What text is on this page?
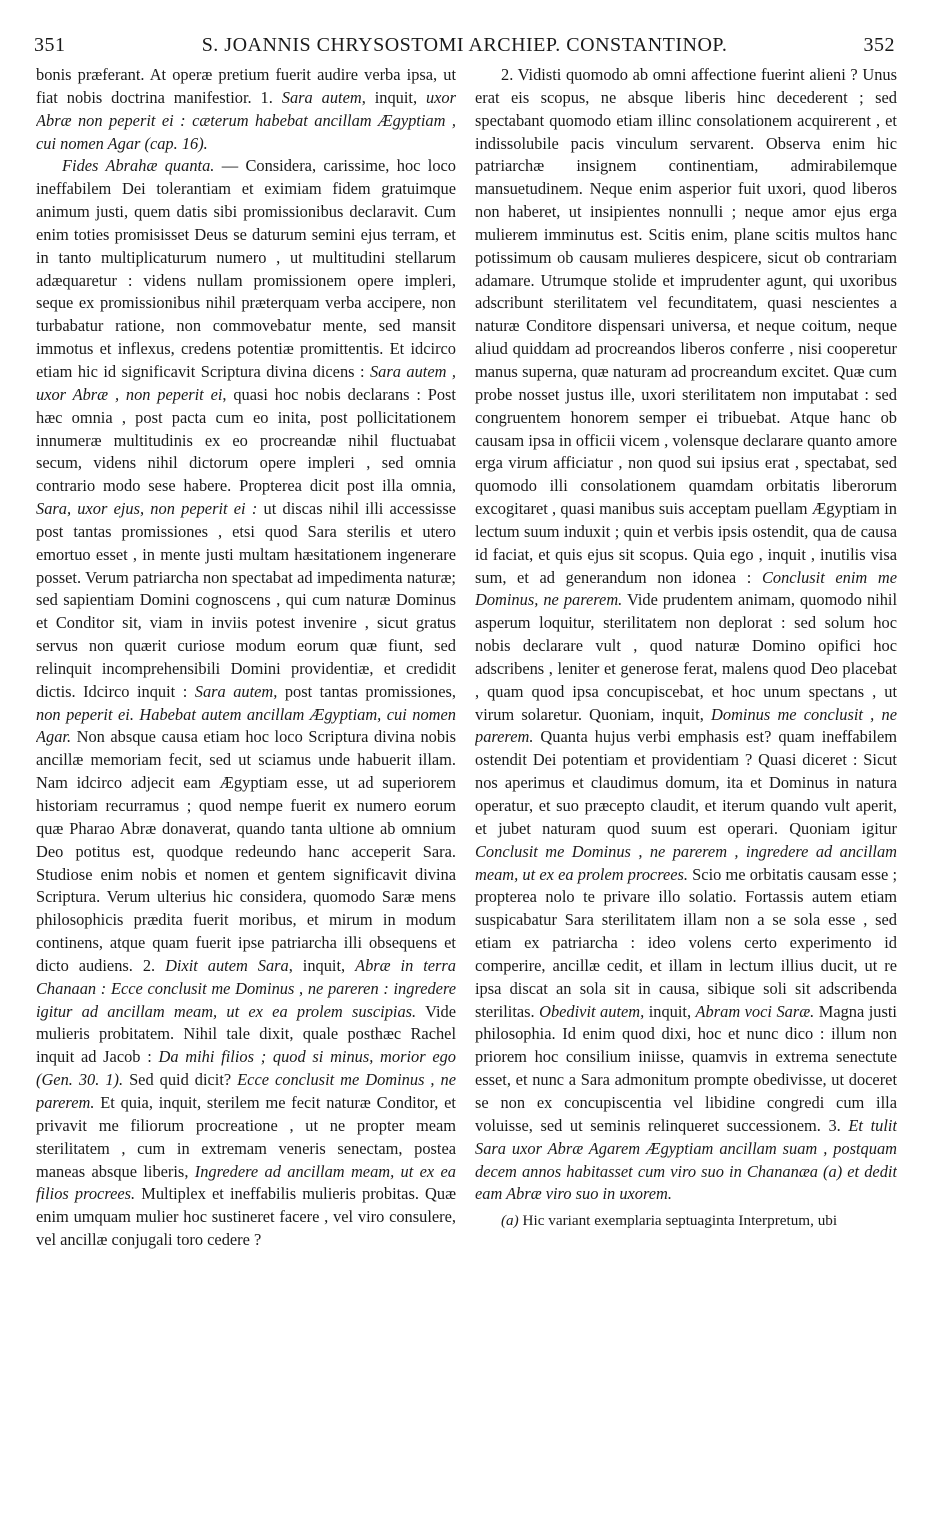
351	S. JOANNIS CHRYSOSTOMI ARCHIEP. CONSTANTINOP.	352

bonis præferant. At operæ pretium fuerit audire verba ipsa, ut fiat nobis doctrina manifestior. 1. Sara autem, inquit, uxor Abræ non peperit ei : cæterum habebat ancillam Ægyptiam , cui nomen Agar (cap. 16).

Fides Abrahæ quanta. — Considera, carissime, hoc loco ineffabilem Dei tolerantiam et eximiam fidem gratuimque animum justi, quem datis sibi promissionibus declaravit. Cum enim toties promisisset Deus se daturum semini ejus terram, et in tanto multiplicaturum numero , ut multitudini stellarum adæquaretur : videns nullam promissionem opere impleri, seque ex promissionibus nihil præterquam verba accipere, non turbabatur ratione, non commovebatur mente, sed mansit immotus et inflexus, credens potentiæ promittentis. Et idcirco etiam hic id significavit Scriptura divina dicens : Sara autem , uxor Abræ , non peperit ei, quasi hoc nobis declarans : Post hæc omnia , post pacta cum eo inita, post pollicitationem innumeræ multitudinis ex eo procreandæ nihil fluctuabat secum, videns nihil dictorum opere impleri , sed omnia contrario modo sese habere. Propterea dicit post illa omnia, Sara, uxor ejus, non peperit ei : ut discas nihil illi accessisse post tantas promissiones , etsi quod Sara sterilis et utero emortuo esset , in mente justi multam hæsitationem ingenerare posset. Verum patriarcha non spectabat ad impedimenta naturæ; sed sapientiam Domini cognoscens , qui cum naturæ Dominus et Conditor sit, viam in inviis potest invenire , sicut gratus servus non quærit curiose modum eorum quæ fiunt, sed relinquit incomprehensibili Domini providentiæ, et credidit dictis. Idcirco inquit : Sara autem, post tantas promissiones, non peperit ei. Habebat autem ancillam Ægyptiam, cui nomen Agar. Non absque causa etiam hoc loco Scriptura divina nobis ancillæ memoriam fecit, sed ut sciamus unde habuerit illam. Nam idcirco adjecit eam Ægyptiam esse, ut ad superiorem historiam recurramus ; quod nempe fuerit ex numero eorum quæ Pharao Abræ donaverat, quando tanta ultione ab omnium Deo potitus est, quodque redeundo hanc acceperit Sara. Studiose enim nobis et nomen et gentem significavit divina Scriptura. Verum ulterius hic considera, quomodo Saræ mens philosophicis prædita fuerit moribus, et mirum in modum continens, atque quam fuerit ipse patriarcha illi obsequens et dicto audiens. 2. Dixit autem Sara, inquit, Abræ in terra Chanaan : Ecce conclusit me Dominus , ne pareren : ingredere igitur ad ancillam meam, ut ex ea prolem suscipias. Vide mulieris probitatem. Nihil tale dixit, quale posthæc Rachel inquit ad Jacob : Da mihi filios ; quod si minus, morior ego (Gen. 30. 1). Sed quid dicit? Ecce conclusit me Dominus , ne parerem. Et quia, inquit, sterilem me fecit naturæ Conditor, et privavit me filiorum procreatione , ut ne propter meam sterilitatem , cum in extremam veneris senectam, postea maneas absque liberis, Ingredere ad ancillam meam, ut ex ea filios procrees. Multiplex et ineffabilis mulieris probitas. Quæ enim umquam mulier hoc sustineret facere , vel viro consulere, vel ancillæ conjugali toro cedere ?

2. Vidisti quomodo ab omni affectione fuerint alieni ? Unus erat eis scopus, ne absque liberis hinc decederent ; sed spectabant quomodo etiam illinc consolationem acquirerent , et indissolubile pacis vinculum servarent. Observa enim hic patriarchæ insignem continentiam, admirabilemque mansuetudinem. Neque enim asperior fuit uxori, quod liberos non haberet, ut insipientes nonnulli ; neque amor ejus erga mulierem imminutus est. Scitis enim, plane scitis multos hanc potissimum ob causam mulieres despicere, sicut ob contrariam adamare. Utrumque stolide et imprudenter agunt, qui uxoribus adscribunt sterilitatem vel fecunditatem, quasi nescientes a naturæ Conditore dispensari universa, et neque coitum, neque aliud quiddam ad procreandos liberos conferre , nisi cooperetur manus superna, quæ naturam ad procreandum excitet. Quæ cum probe nosset justus ille, uxori sterilitatem non imputabat : sed congruentem honorem semper ei tribuebat. Atque hanc ob causam ipsa in officii vicem , volensque declarare quanto amore erga virum afficiatur , non quod sui ipsius erat , spectabat, sed quomodo illi consolationem quamdam orbitatis liberorum excogitaret , quasi manibus suis acceptam puellam Ægyptiam in lectum suum induxit ; quin et verbis ipsis ostendit, qua de causa id faciat, et quis ejus sit scopus. Quia ego , inquit , inutilis visa sum, et ad generandum non idonea : Conclusit enim me Dominus, ne parerem. Vide prudentem animam, quomodo nihil asperum loquitur, sterilitatem non deplorat : sed solum hoc nobis declarare vult , quod naturæ Domino opifici hoc adscribens , leniter et generose ferat, malens quod Deo placebat , quam quod ipsa concupiscebat, et hoc unum spectans , ut virum solaretur. Quoniam, inquit, Dominus me conclusit , ne parerem. Quanta hujus verbi emphasis est? quam ineffabilem ostendit Dei potentiam et providentiam ? Quasi diceret : Sicut nos aperimus et claudimus domum, ita et Dominus in natura operatur, et suo præcepto claudit, et iterum quando vult aperit, et jubet naturam quod suum est operari. Quoniam igitur Conclusit me Dominus , ne parerem , ingredere ad ancillam meam, ut ex ea prolem procrees. Scio me orbitatis causam esse ; propterea nolo te privare illo solatio. Fortassis autem etiam suspicabatur Sara sterilitatem illam non a se sola esse , sed etiam ex patriarcha : ideo volens certo experimento id comperire, ancillæ cedit, et illam in lectum illius ducit, ut re ipsa discat an sola sit in causa, sibique soli sit adscribenda sterilitas. Obedivit autem, inquit, Abram voci Saræ. Magna justi philosophia. Id enim quod dixi, hoc et nunc dico : illum non priorem hoc consilium iniisse, quamvis in extrema senectute esset, et nunc a Sara admonitum prompte obedivisse, ut doceret se non ex concupiscentia vel libidine congredi cum illa voluisse, sed ut seminis relinqueret successionem. 3. Et tulit Sara uxor Abræ Agarem Ægyptiam ancillam suam , postquam decem annos habitasset cum viro suo in Chananæa (a) et dedit eam Abræ viro suo in uxorem.

(a) Hic variant exemplaria septuaginta Interpretum, ubi
